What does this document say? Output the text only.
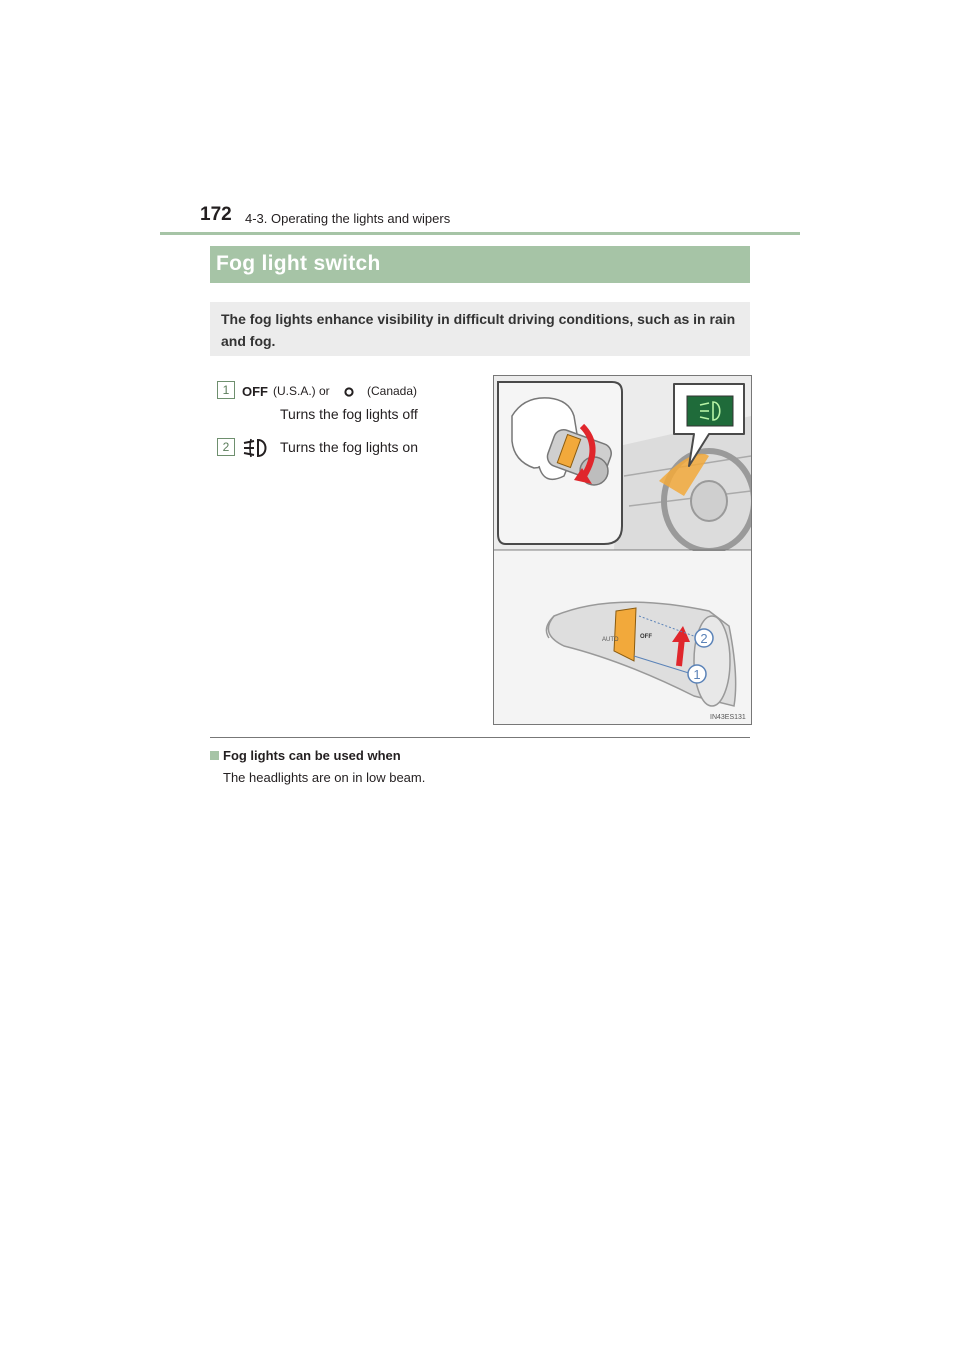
172 4-3. Operating the lights and wipers
Fog light switch
The fog lights enhance visibility in difficult driving conditions, such as in rain and fog.
1 OFF (U.S.A.) or	(Canada)
Turns the fog lights off
2	Turns the fog lights on
AUTO	OFF	2
1
IN43ES131
Fog lights can be used when
The headlights are on in low beam.
